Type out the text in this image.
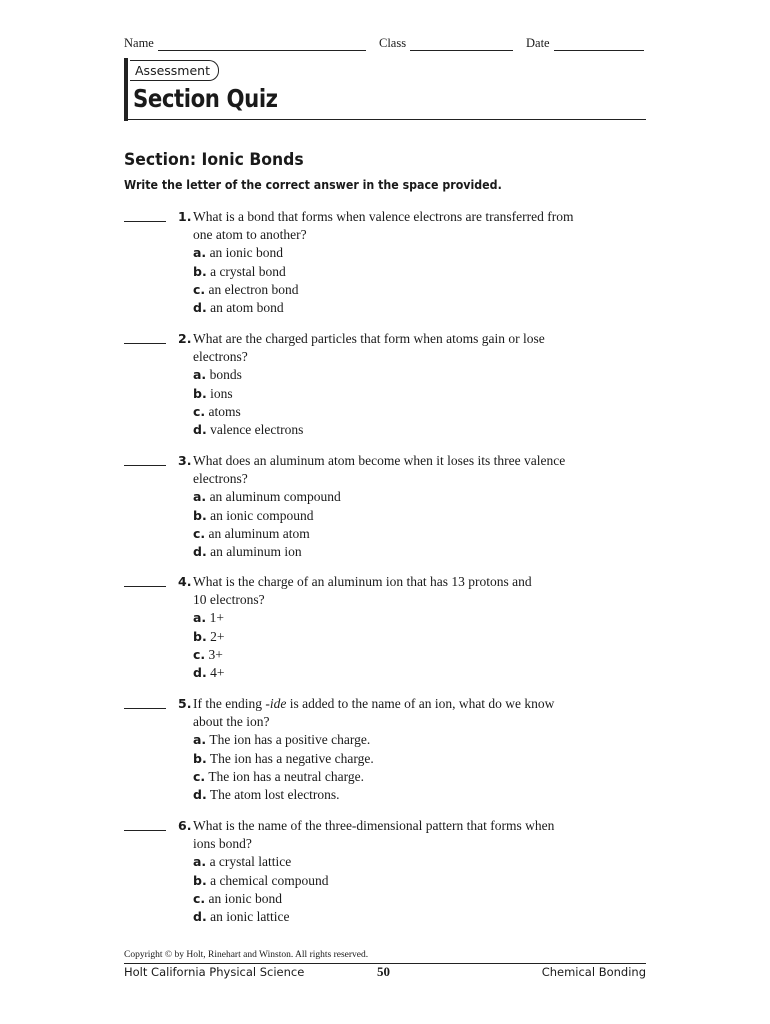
Name	Class	Date
Assessment
Section Quiz
Section: Ionic Bonds
Write the letter of the correct answer in the space provided.
1. What is a bond that forms when valence electrons are transferred from
one atom to another?
a. an ionic bond
b. a crystal bond
c. an electron bond
d. an atom bond
2. What are the charged particles that form when atoms gain or lose
electrons?
a. bonds
b. ions
c. atoms
d. valence electrons
3. What does an aluminum atom become when it loses its three valence
electrons?
a. an aluminum compound
b. an ionic compound
c. an aluminum atom
d. an aluminum ion
4. What is the charge of an aluminum ion that has 13 protons and
10 electrons?
a. 1+
b. 2+
c. 3+
d. 4+
5. If the ending -ide is added to the name of an ion, what do we know
about the ion?
a. The ion has a positive charge.
b. The ion has a negative charge.
c. The ion has a neutral charge.
d. The atom lost electrons.
6. What is the name of the three-dimensional pattern that forms when
ions bond?
a. a crystal lattice
b. a chemical compound
c. an ionic bond
d. an ionic lattice
Copyright © by Holt, Rinehart and Winston. All rights reserved.
Holt California Physical Science	50	Chemical Bonding
